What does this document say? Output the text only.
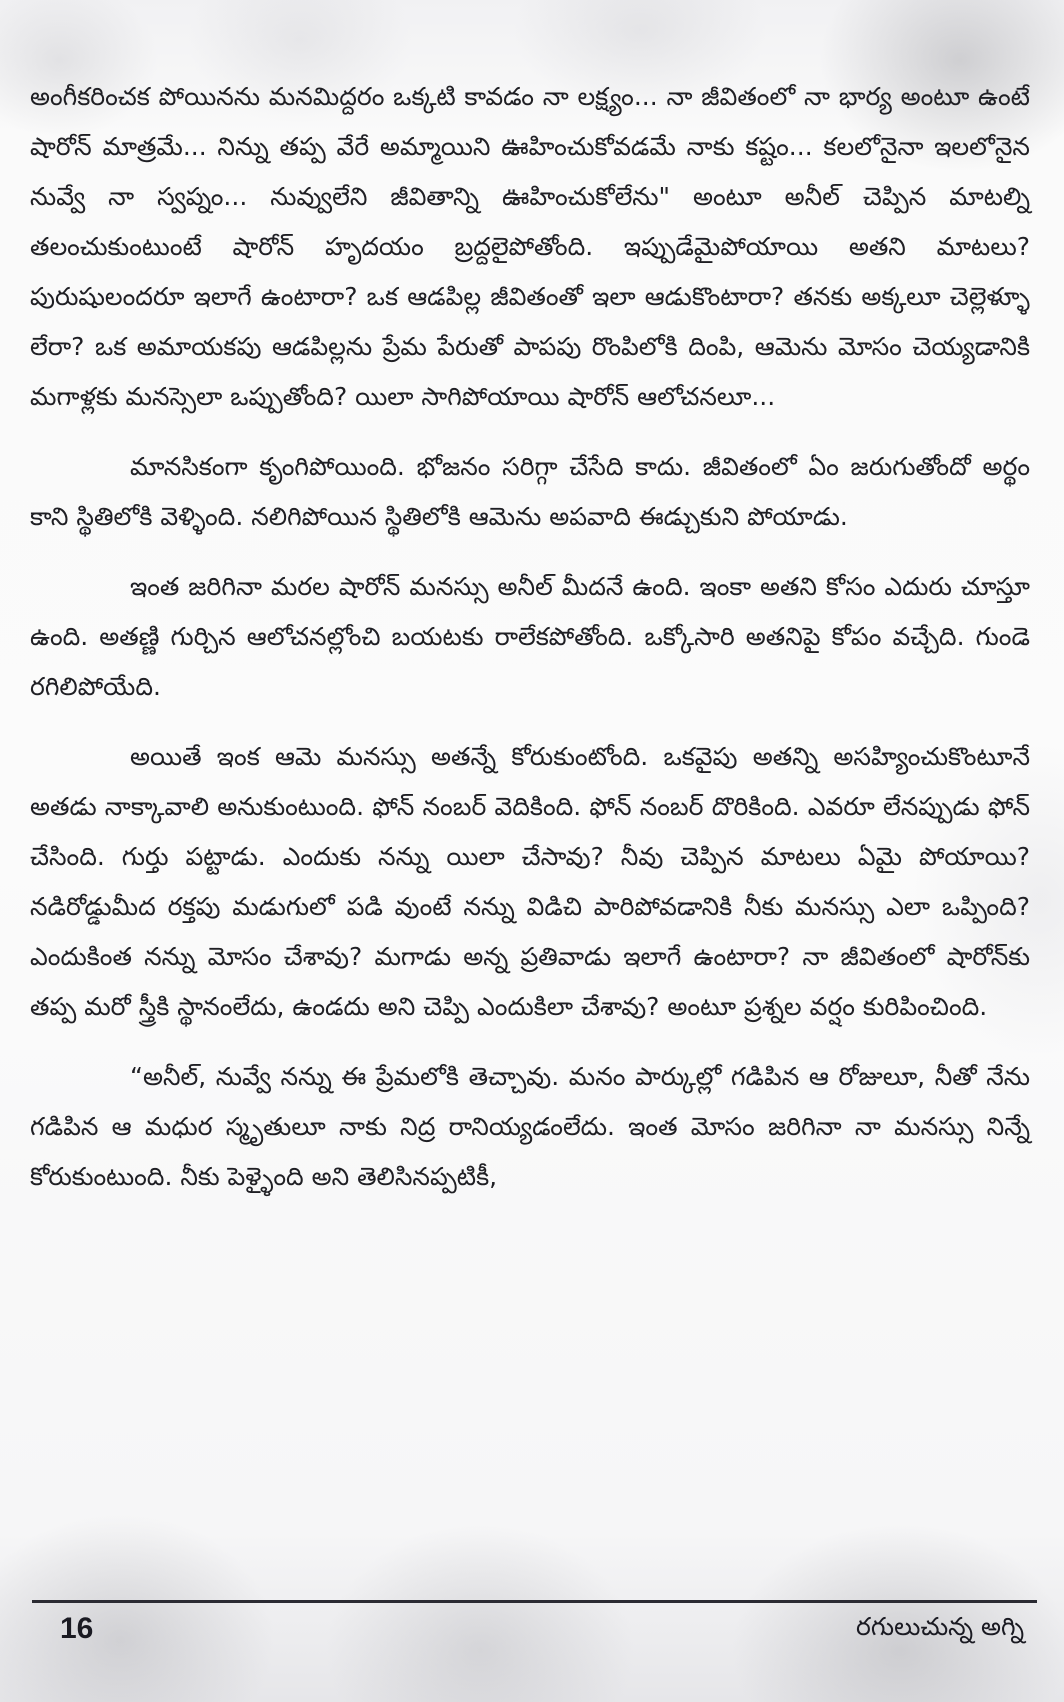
అంగీకరించక పోయినను మనమిద్దరం ఒక్కటి కావడం నా లక్ష్యం... నా జీవితంలో నా భార్య అంటూ ఉంటే షారోన్ మాత్రమే... నిన్ను తప్ప వేరే అమ్మాయిని ఊహించుకోవడమే నాకు కష్టం... కలలోనైనా ఇలలోనైన నువ్వే నా స్వప్నం... నువ్వులేని జీవితాన్ని ఊహించుకోలేను" అంటూ అనీల్ చెప్పిన మాటల్ని తలంచుకుంటుంటే షారోన్ హృదయం బ్రద్దలైపోతోంది. ఇప్పుడేమైపోయాయి అతని మాటలు? పురుషులందరూ ఇలాగే ఉంటారా? ఒక ఆడపిల్ల జీవితంతో ఇలా ఆడుకొంటారా? తనకు అక్కలూ చెల్లెళ్ళూ లేరా? ఒక అమాయకపు ఆడపిల్లను ప్రేమ పేరుతో పాపపు రొంపిలోకి దింపి, ఆమెను మోసం చెయ్యడానికి మగాళ్లకు మనస్సెలా ఒప్పుతోంది? యిలా సాగిపోయాయి షారోన్ ఆలోచనలూ...

మానసికంగా కృంగిపోయింది. భోజనం సరిగ్గా చేసేది కాదు. జీవితంలో ఏం జరుగుతోందో అర్థం కాని స్థితిలోకి వెళ్ళింది. నలిగిపోయిన స్థితిలోకి ఆమెను అపవాది ఈడ్చుకుని పోయాడు.

ఇంత జరిగినా మరల షారోన్ మనస్సు అనీల్ మీదనే ఉంది. ఇంకా అతని కోసం ఎదురు చూస్తూ ఉంది. అతణ్ణి గుర్చిన ఆలోచనల్లోంచి బయటకు రాలేకపోతోంది. ఒక్కోసారి అతనిపై కోపం వచ్చేది. గుండె రగిలిపోయేది.

అయితే ఇంక ఆమె మనస్సు అతన్నే కోరుకుంటోంది. ఒకవైపు అతన్ని అసహ్యించుకొంటూనే అతడు నాక్కావాలి అనుకుంటుంది. ఫోన్ నంబర్ వెదికింది. ఫోన్ నంబర్ దొరికింది. ఎవరూ లేనప్పుడు ఫోన్ చేసింది. గుర్తు పట్టాడు. ఎందుకు నన్ను యిలా చేసావు? నీవు చెప్పిన మాటలు ఏమై పోయాయి? నడిరోడ్డుమీద రక్తపు మడుగులో పడి వుంటే నన్ను విడిచి పారిపోవడానికి నీకు మనస్సు ఎలా ఒప్పింది? ఎందుకింత నన్ను మోసం చేశావు? మగాడు అన్న ప్రతివాడు ఇలాగే ఉంటారా? నా జీవితంలో షారోన్‌కు తప్ప మరో స్త్రీకి స్థానంలేదు, ఉండదు అని చెప్పి ఎందుకిలా చేశావు? అంటూ ప్రశ్నల వర్షం కురిపించింది.

“అనీల్, నువ్వే నన్ను ఈ ప్రేమలోకి తెచ్చావు. మనం పార్కుల్లో గడిపిన ఆ రోజులూ, నీతో నేను గడిపిన ఆ మధుర స్మృతులూ నాకు నిద్ర రానియ్యడంలేదు. ఇంత మోసం జరిగినా నా మనస్సు నిన్నే కోరుకుంటుంది. నీకు పెళ్ళైంది అని తెలిసినప్పటికీ,

16	రగులుచున్న అగ్ని
